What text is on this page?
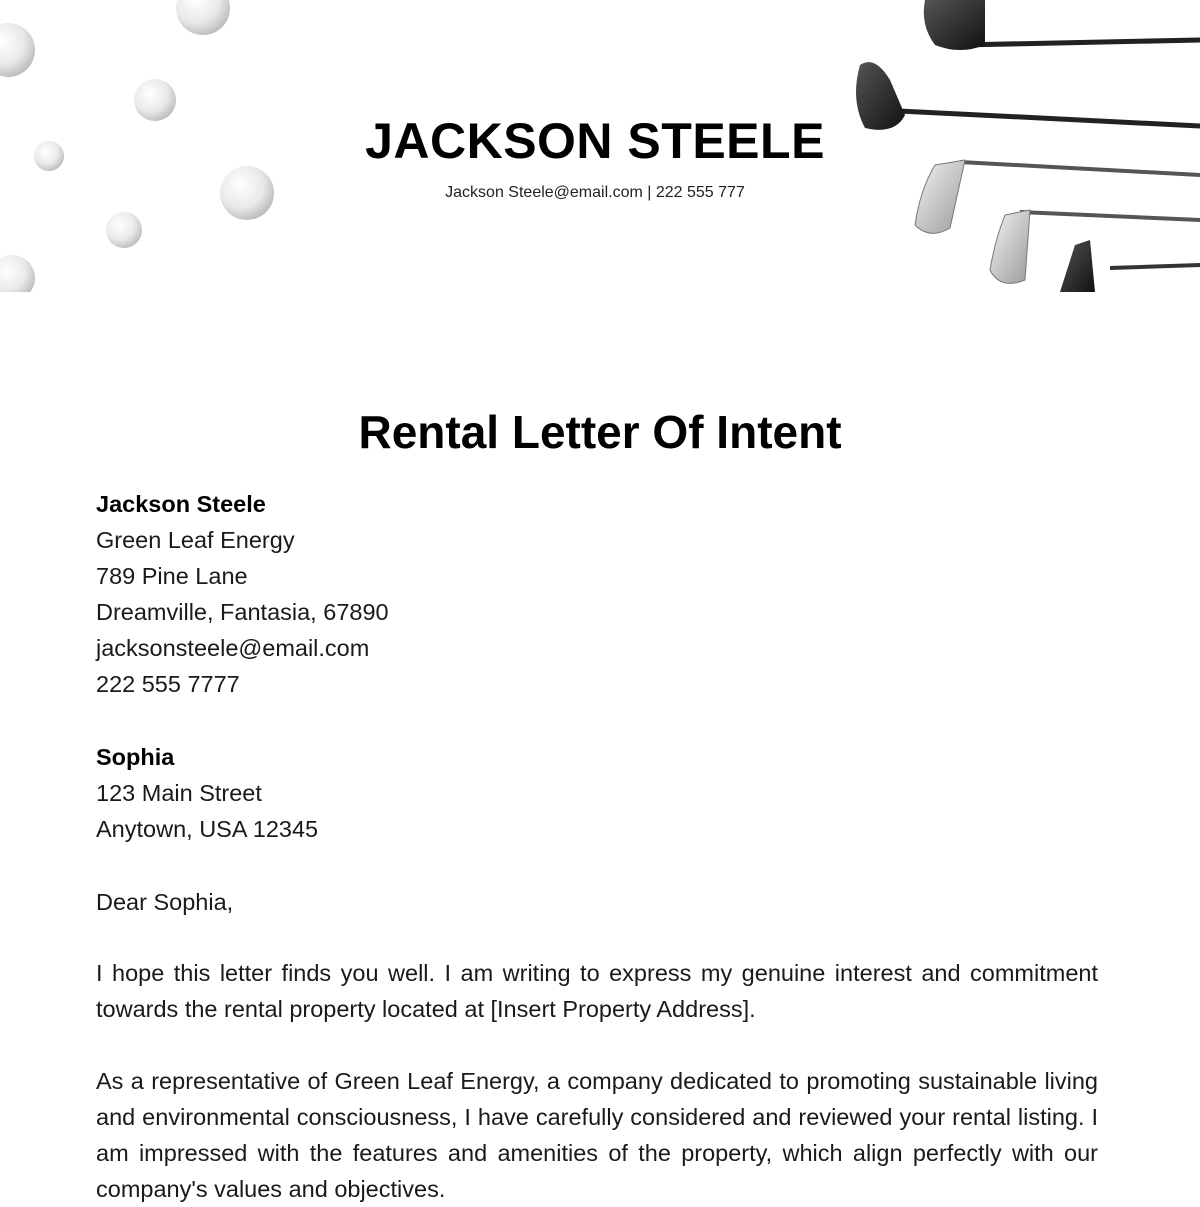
JACKSON STEELE
Jackson Steele@email.com | 222 555 777
Rental Letter Of Intent
Jackson Steele
Green Leaf Energy
789 Pine Lane
Dreamville, Fantasia, 67890
jacksonsteele@email.com
222 555 7777
Sophia
123 Main Street
Anytown, USA 12345
Dear Sophia,

I hope this letter finds you well. I am writing to express my genuine interest and commitment towards the rental property located at [Insert Property Address].

As a representative of Green Leaf Energy, a company dedicated to promoting sustainable living and environmental consciousness, I have carefully considered and reviewed your rental listing. I am impressed with the features and amenities of the property, which align perfectly with our company's values and objectives.
